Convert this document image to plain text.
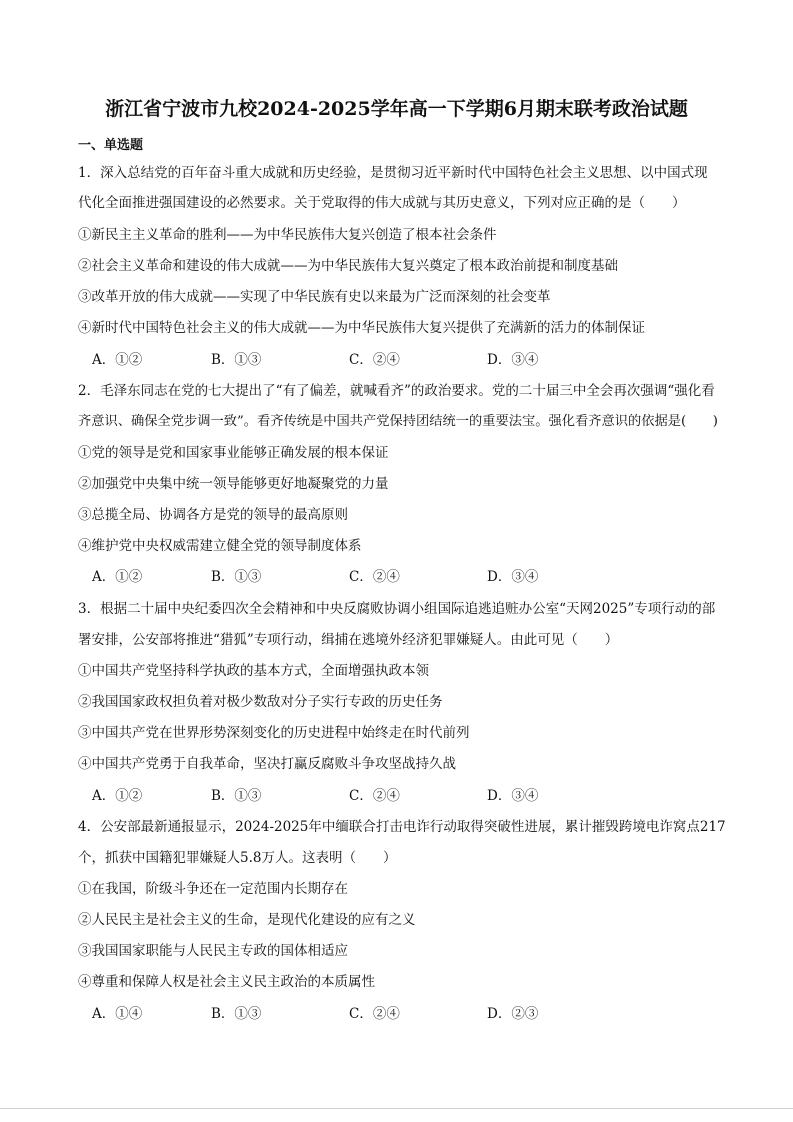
浙江省宁波市九校2024-2025学年高一下学期6月期末联考政治试题
一、单选题
1．深入总结党的百年奋斗重大成就和历史经验，是贯彻习近平新时代中国特色社会主义思想、以中国式现
代化全面推进强国建设的必然要求。关于党取得的伟大成就与其历史意义，下列对应正确的是（　　）
①新民主主义革命的胜利——为中华民族伟大复兴创造了根本社会条件
②社会主义革命和建设的伟大成就——为中华民族伟大复兴奠定了根本政治前提和制度基础
③改革开放的伟大成就——实现了中华民族有史以来最为广泛而深刻的社会变革
④新时代中国特色社会主义的伟大成就——为中华民族伟大复兴提供了充满新的活力的体制保证
A．①②	B．①③	C．②④	D．③④
2．毛泽东同志在党的七大提出了“有了偏差，就喊看齐”的政治要求。党的二十届三中全会再次强调“强化看
齐意识、确保全党步调一致”。看齐传统是中国共产党保持团结统一的重要法宝。强化看齐意识的依据是(　　)
①党的领导是党和国家事业能够正确发展的根本保证
②加强党中央集中统一领导能够更好地凝聚党的力量
③总揽全局、协调各方是党的领导的最高原则
④维护党中央权威需建立健全党的领导制度体系
A．①②	B．①③	C．②④	D．③④
3．根据二十届中央纪委四次全会精神和中央反腐败协调小组国际追逃追赃办公室“天网2025”专项行动的部
署安排，公安部将推进“猎狐”专项行动，缉捕在逃境外经济犯罪嫌疑人。由此可见（　　）
①中国共产党坚持科学执政的基本方式，全面增强执政本领
②我国国家政权担负着对极少数敌对分子实行专政的历史任务
③中国共产党在世界形势深刻变化的历史进程中始终走在时代前列
④中国共产党勇于自我革命，坚决打赢反腐败斗争攻坚战持久战
A．①②	B．①③	C．②④	D．③④
4．公安部最新通报显示，2024-2025年中缅联合打击电诈行动取得突破性进展，累计摧毁跨境电诈窝点217
个，抓获中国籍犯罪嫌疑人5.8万人。这表明（　　）
①在我国，阶级斗争还在一定范围内长期存在
②人民民主是社会主义的生命，是现代化建设的应有之义
③我国国家职能与人民民主专政的国体相适应
④尊重和保障人权是社会主义民主政治的本质属性
A．①④	B．①③	C．②④	D．②③
